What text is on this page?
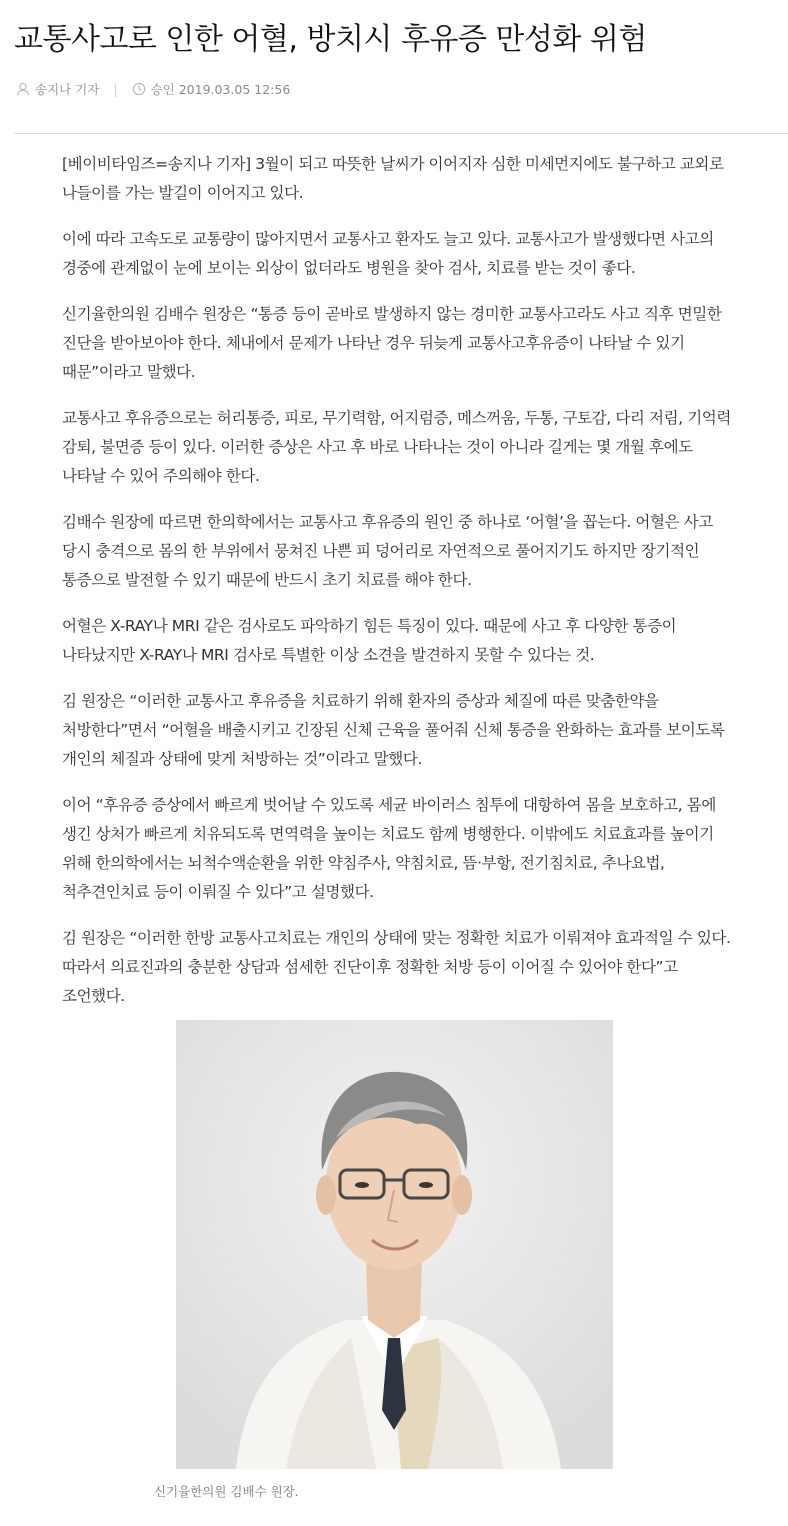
교통사고로 인한 어혈, 방치시 후유증 만성화 위험
송지나 기자 |	승인
2019.03.05 12:56

[베이비타임즈=송지나 기자] 3월이 되고 따뜻한 날씨가 이어지자 심한 미세먼지에도 불구하고 교외로 나들이를 가는 발길이 이어지고 있다.

이에 따라 고속도로 교통량이 많아지면서 교통사고 환자도 늘고 있다. 교통사고가 발생했다면 사고의 경중에 관계없이 눈에 보이는 외상이 없더라도 병원을 찾아 검사, 치료를 받는 것이 좋다.

신기율한의원 김배수 원장은 “통증 등이 곧바로 발생하지 않는 경미한 교통사고라도 사고 직후 면밀한 진단을 받아보아야 한다. 체내에서 문제가 나타난 경우 뒤늦게 교통사고후유증이 나타날 수 있기 때문”이라고 말했다.

교통사고 후유증으로는 허리통증, 피로, 무기력함, 어지럼증, 메스꺼움, 두통, 구토감, 다리 저림, 기억력 감퇴, 불면증 등이 있다. 이러한 증상은 사고 후 바로 나타나는 것이 아니라 길게는 몇 개월 후에도 나타날 수 있어 주의해야 한다.

김배수 원장에 따르면 한의학에서는 교통사고 후유증의 원인 중 하나로 ‘어혈’을 꼽는다. 어혈은 사고 당시 충격으로 몸의 한 부위에서 뭉쳐진 나쁜 피 덩어리로 자연적으로 풀어지기도 하지만 장기적인 통증으로 발전할 수 있기 때문에 반드시 초기 치료를 해야 한다.

어혈은 X-RAY나 MRI 같은 검사로도 파악하기 힘든 특징이 있다. 때문에 사고 후 다양한 통증이 나타났지만 X-RAY나 MRI 검사로 특별한 이상 소견을 발견하지 못할 수 있다는 것.

김 원장은 “이러한 교통사고 후유증을 치료하기 위해 환자의 증상과 체질에 따른 맞춤한약을 처방한다”면서 “어혈을 배출시키고 긴장된 신체 근육을 풀어줘 신체 통증을 완화하는 효과를 보이도록 개인의 체질과 상태에 맞게 처방하는 것”이라고 말했다.

이어 “후유증 증상에서 빠르게 벗어날 수 있도록 세균 바이러스 침투에 대항하여 몸을 보호하고, 몸에 생긴 상처가 빠르게 치유되도록 면역력을 높이는 치료도 함께 병행한다. 이밖에도 치료효과를 높이기 위해 한의학에서는 뇌척수액순환을 위한 약침주사, 약침치료, 뜸·부항, 전기침치료, 추나요법, 척추견인치료 등이 이뤄질 수 있다”고 설명했다.

김 원장은 “이러한 한방 교통사고치료는 개인의 상태에 맞는 정확한 치료가 이뤄져야 효과적일 수 있다. 따라서 의료진과의 충분한 상담과 섬세한 진단이후 정확한 처방 등이 이어질 수 있어야 한다”고 조언했다.

신기율한의원 김배수 원장.
